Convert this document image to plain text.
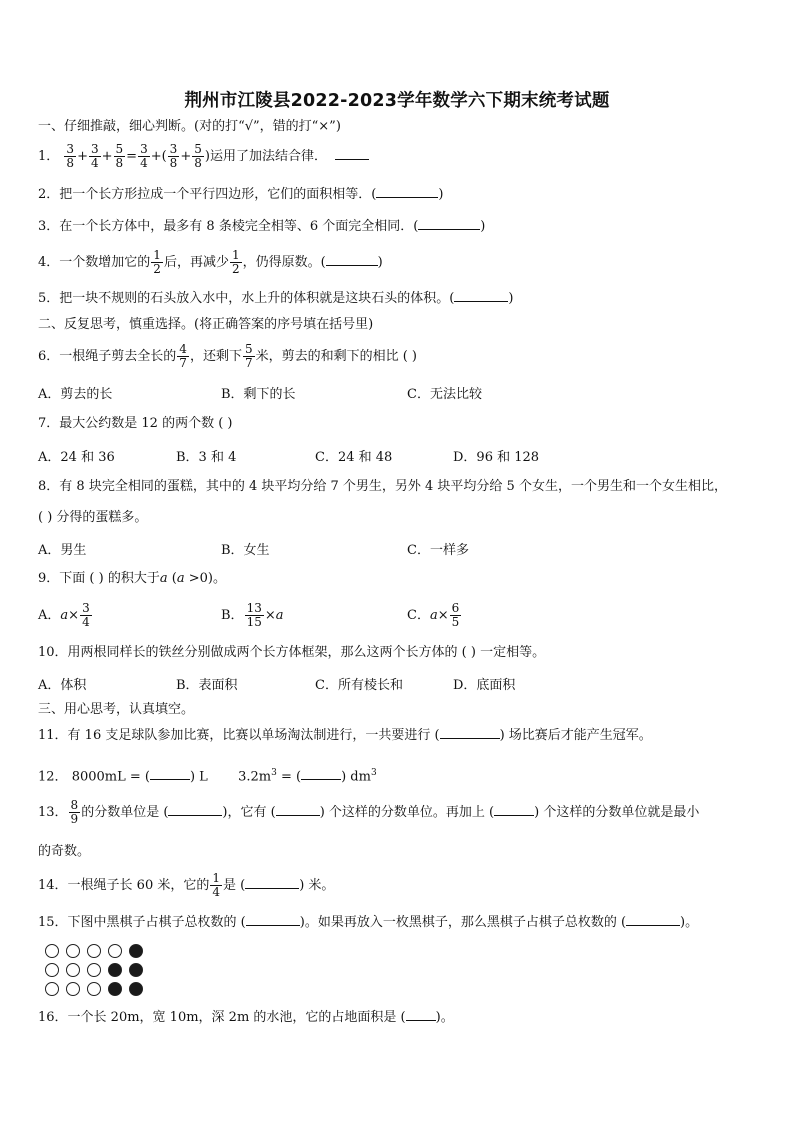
荆州市江陵县2022-2023学年数学六下期末统考试题
一、仔细推敲，细心判断。(对的打“√”，错的打“×”)
1． $\frac{3}{8} + \frac{3}{4} + \frac{5}{8} = \frac{3}{4}$ +( $\frac{3}{8} + \frac{5}{8}$ )运用了加法结合律．
2．把一个长方形拉成一个平行四边形，它们的面积相等．(	)
3．在一个长方体中，最多有 8 条棱完全相等、6 个面完全相同．(	)
4．一个数增加它的 $\frac{1}{2}$ 后，再减少 $\frac{1}{2}$ ，仍得原数。(	)
5．把一块不规则的石头放入水中，水上升的体积就是这块石头的体积。(	)
二、反复思考，慎重选择。(将正确答案的序号填在括号里)
6．一根绳子剪去全长的 $\frac{4}{7}$ ，还剩下 $\frac{5}{7}$ 米，剪去的和剩下的相比 ( )
A．剪去的长	B．剩下的长	C．无法比较
7．最大公约数是 12 的两个数 ( )
A．24 和 36	B．3 和 4	C．24 和 48	D．96 和 128
8．有 8 块完全相同的蛋糕，其中的 4 块平均分给 7 个男生，另外 4 块平均分给 5 个女生，一个男生和一个女生相比，
( ) 分得的蛋糕多。
A．男生	B．女生	C．一样多
9．下面 ( ) 的积大于a (a >0)。
A．$a\times \frac{3}{4}$	B． $\frac{13}{15} \times a$	C．$a\times \frac{6}{5}$
10．用两根同样长的铁丝分别做成两个长方体框架，那么这两个长方体的 ( ) 一定相等。
A．体积	B．表面积	C．所有棱长和	D．底面积
三、用心思考，认真填空。
11．有 16 支足球队参加比赛，比赛以单场淘汰制进行，一共要进行 (	) 场比赛后才能产生冠军。
12． 8000mL = (	) L $3.2m^3$ = (	) $dm^3$
13． $\frac{8}{9}$ 的分数单位是 (	)，它有 (	) 个这样的分数单位。再加上 (	) 个这样的分数单位就是最小
的奇数。
14．一根绳子长 60 米，它的 $\frac{1}{4}$ 是 (	) 米。
15．下图中黑棋子占棋子总枚数的 (	)。如果再放入一枚黑棋子，那么黑棋子占棋子总枚数的 (	)。
16．一个长 20m，宽 10m，深 2m 的水池，它的占地面积是 ( )。
